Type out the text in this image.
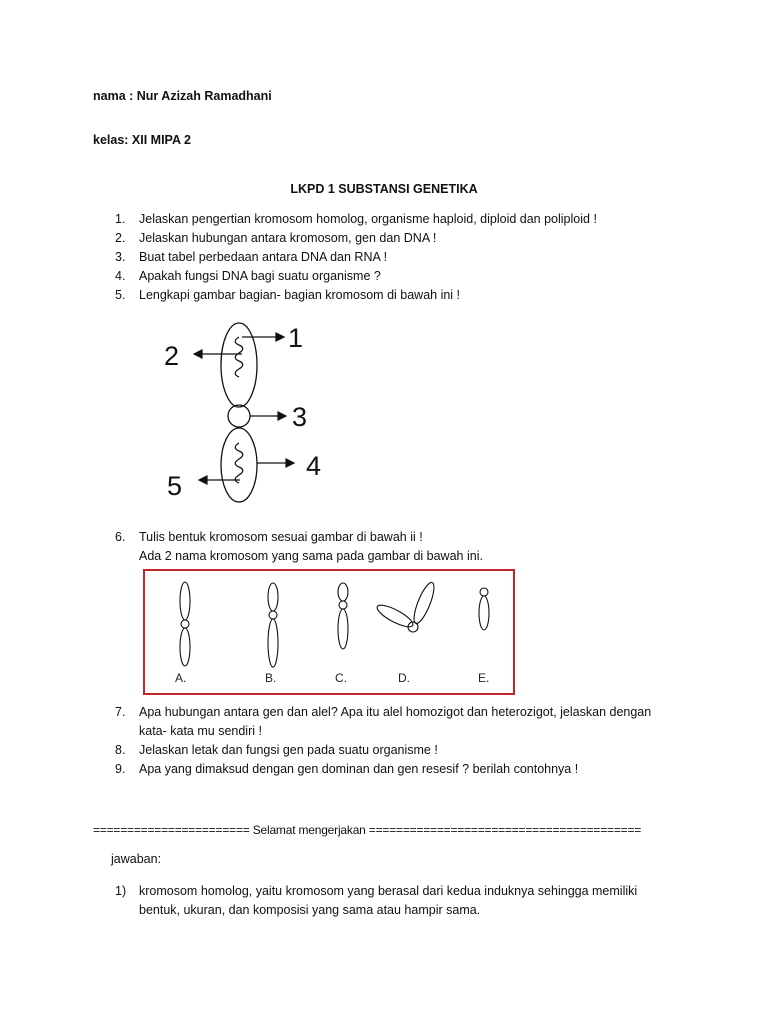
nama : Nur Azizah Ramadhani
kelas: XII MIPA 2
LKPD 1 SUBSTANSI GENETIKA
1.	Jelaskan pengertian kromosom homolog, organisme haploid, diploid dan poliploid !
2.	Jelaskan hubungan antara kromosom, gen dan DNA !
3.	Buat tabel perbedaan antara DNA dan RNA !
4.	Apakah fungsi DNA bagi suatu organisme ?
5.	Lengkapi gambar bagian- bagian kromosom di bawah ini !
1
2
3
4
5
6.	Tulis bentuk kromosom sesuai gambar di bawah ii !
Ada 2 nama kromosom yang sama pada gambar di bawah ini.
A.	B.	C.	D.	E.
7.	Apa hubungan antara gen dan alel? Apa itu alel homozigot dan heterozigot, jelaskan dengan
kata- kata mu sendiri !
8.	Jelaskan letak dan fungsi gen pada suatu organisme !
9.	Apa yang dimaksud dengan gen dominan dan gen resesif ? berilah contohnya !
======================= Selamat mengerjakan ========================================
jawaban:
1)	kromosom homolog, yaitu kromosom yang berasal dari kedua induknya sehingga memiliki
bentuk, ukuran, dan komposisi yang sama atau hampir sama.
